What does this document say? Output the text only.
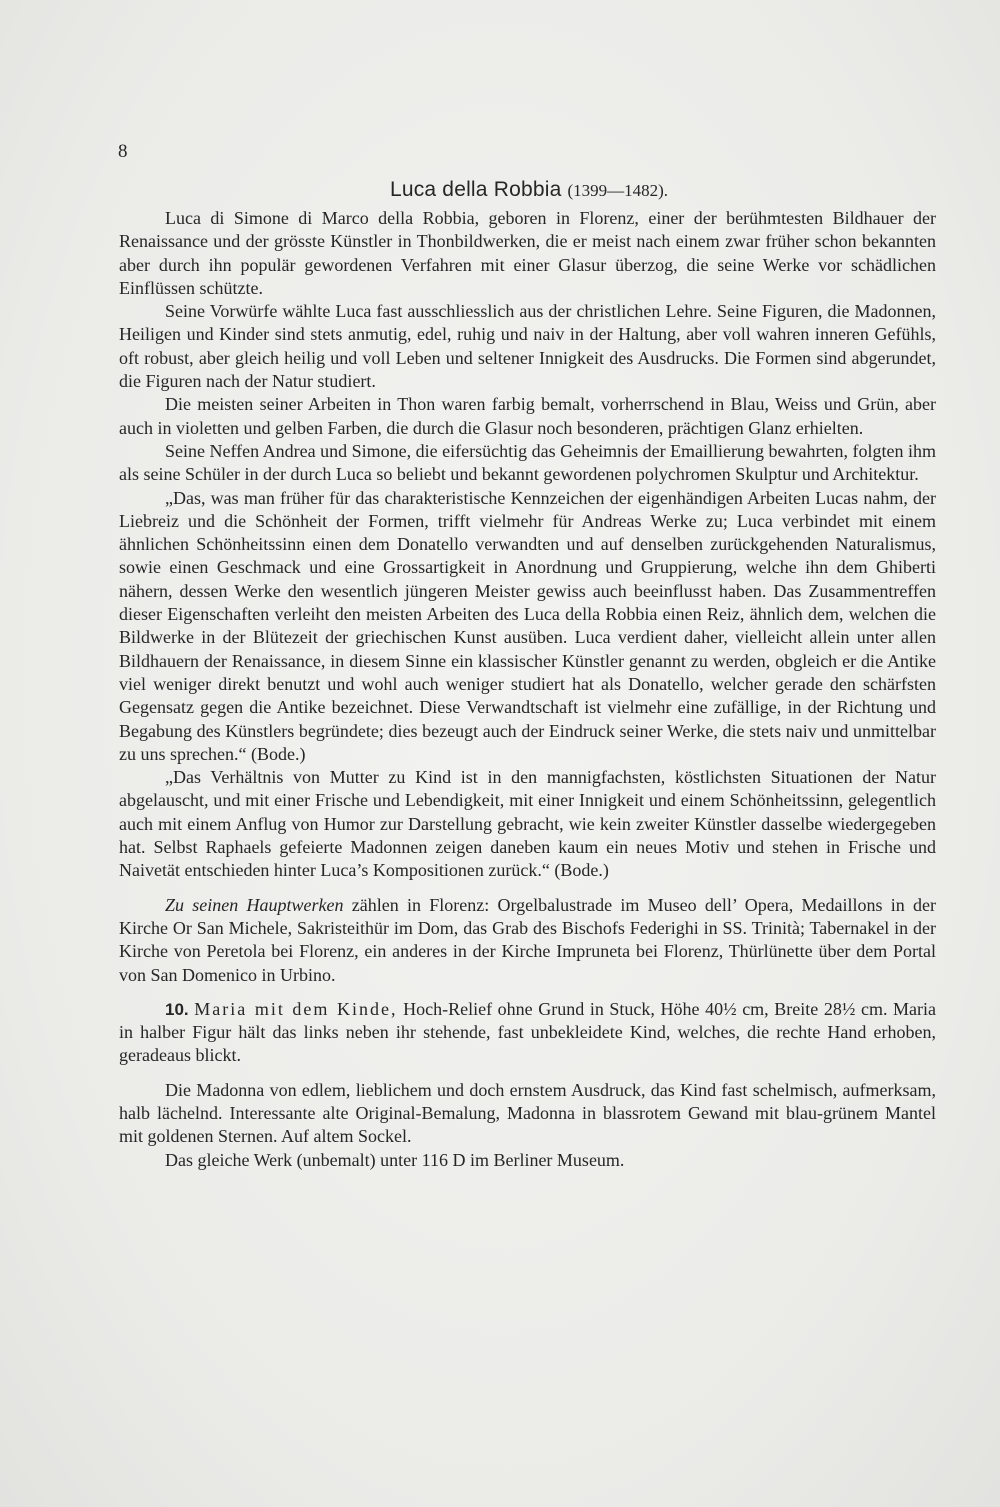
8
Luca della Robbia (1399—1482).

Luca di Simone di Marco della Robbia, geboren in Florenz, einer der berühmtesten Bildhauer der Renaissance und der grösste Künstler in Thonbildwerken, die er meist nach einem zwar früher schon bekannten aber durch ihn populär gewordenen Verfahren mit einer Glasur überzog, die seine Werke vor schädlichen Einflüssen schützte.

Seine Vorwürfe wählte Luca fast ausschliesslich aus der christlichen Lehre. Seine Figuren, die Madonnen, Heiligen und Kinder sind stets anmutig, edel, ruhig und naiv in der Haltung, aber voll wahren inneren Gefühls, oft robust, aber gleich heilig und voll Leben und seltener Innigkeit des Ausdrucks. Die Formen sind abgerundet, die Figuren nach der Natur studiert.

Die meisten seiner Arbeiten in Thon waren farbig bemalt, vorherrschend in Blau, Weiss und Grün, aber auch in violetten und gelben Farben, die durch die Glasur noch besonderen, prächtigen Glanz erhielten.

Seine Neffen Andrea und Simone, die eifersüchtig das Geheimnis der Emaillierung bewahrten, folgten ihm als seine Schüler in der durch Luca so beliebt und bekannt gewordenen polychromen Skulptur und Architektur.

„Das, was man früher für das charakteristische Kennzeichen der eigenhändigen Arbeiten Lucas nahm, der Liebreiz und die Schönheit der Formen, trifft vielmehr für Andreas Werke zu; Luca verbindet mit einem ähnlichen Schönheitssinn einen dem Donatello verwandten und auf denselben zurückgehenden Naturalismus, sowie einen Geschmack und eine Grossartigkeit in Anordnung und Gruppierung, welche ihn dem Ghiberti nähern, dessen Werke den wesentlich jüngeren Meister gewiss auch beeinflusst haben. Das Zusammentreffen dieser Eigenschaften verleiht den meisten Arbeiten des Luca della Robbia einen Reiz, ähnlich dem, welchen die Bildwerke in der Blütezeit der griechischen Kunst ausüben. Luca verdient daher, vielleicht allein unter allen Bildhauern der Renaissance, in diesem Sinne ein klassischer Künstler genannt zu werden, obgleich er die Antike viel weniger direkt benutzt und wohl auch weniger studiert hat als Donatello, welcher gerade den schärfsten Gegensatz gegen die Antike bezeichnet. Diese Verwandtschaft ist vielmehr eine zufällige, in der Richtung und Begabung des Künstlers begründete; dies bezeugt auch der Eindruck seiner Werke, die stets naiv und unmittelbar zu uns sprechen.“ (Bode.)

„Das Verhältnis von Mutter zu Kind ist in den mannigfachsten, köstlichsten Situationen der Natur abgelauscht, und mit einer Frische und Lebendigkeit, mit einer Innigkeit und einem Schönheitssinn, gelegentlich auch mit einem Anflug von Humor zur Darstellung gebracht, wie kein zweiter Künstler dasselbe wiedergegeben hat. Selbst Raphaels gefeierte Madonnen zeigen daneben kaum ein neues Motiv und stehen in Frische und Naivetät entschieden hinter Luca’s Kompositionen zurück.“ (Bode.)

Zu seinen Hauptwerken zählen in Florenz: Orgelbalustrade im Museo dell’ Opera, Medaillons in der Kirche Or San Michele, Sakristeithür im Dom, das Grab des Bischofs Federighi in SS. Trinità; Tabernakel in der Kirche von Peretola bei Florenz, ein anderes in der Kirche Impruneta bei Florenz, Thürlünette über dem Portal von San Domenico in Urbino.

10. Maria mit dem Kinde, Hoch-Relief ohne Grund in Stuck, Höhe 40½ cm, Breite 28½ cm. Maria in halber Figur hält das links neben ihr stehende, fast unbekleidete Kind, welches, die rechte Hand erhoben, geradeaus blickt.

Die Madonna von edlem, lieblichem und doch ernstem Ausdruck, das Kind fast schelmisch, aufmerksam, halb lächelnd. Interessante alte Original-Bemalung, Madonna in blassrotem Gewand mit blau-grünem Mantel mit goldenen Sternen. Auf altem Sockel.

Das gleiche Werk (unbemalt) unter 116 D im Berliner Museum.
